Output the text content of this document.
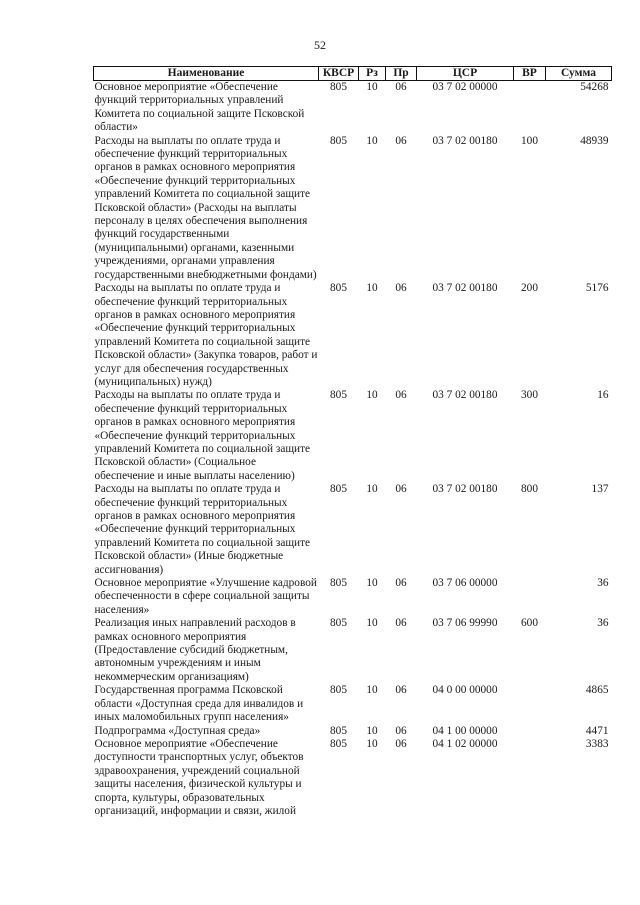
52
Наименование	КВСР	Рз	Пр	ЦСР	ВР	Сумма
Основное мероприятие «Обеспечение функций территориальных управлений Комитета по социальной защите Псковской области»	805	10	06	03 7 02 00000		54268
Расходы на выплаты по оплате труда и обеспечение функций территориальных органов в рамках основного мероприятия «Обеспечение функций территориальных управлений Комитета по социальной защите Псковской области» (Расходы на выплаты персоналу в целях обеспечения выполнения функций государственными (муниципальными) органами, казенными учреждениями, органами управления государственными внебюджетными фондами)	805	10	06	03 7 02 00180	100	48939
Расходы на выплаты по оплате труда и обеспечение функций территориальных органов в рамках основного мероприятия «Обеспечение функций территориальных управлений Комитета по социальной защите Псковской области» (Закупка товаров, работ и услуг для обеспечения государственных (муниципальных) нужд)	805	10	06	03 7 02 00180	200	5176
Расходы на выплаты по оплате труда и обеспечение функций территориальных органов в рамках основного мероприятия «Обеспечение функций территориальных управлений Комитета по социальной защите Псковской области» (Социальное обеспечение и иные выплаты населению)	805	10	06	03 7 02 00180	300	16
Расходы на выплаты по оплате труда и обеспечение функций территориальных органов в рамках основного мероприятия «Обеспечение функций территориальных управлений Комитета по социальной защите Псковской области» (Иные бюджетные ассигнования)	805	10	06	03 7 02 00180	800	137
Основное мероприятие «Улучшение кадровой обеспеченности в сфере социальной защиты населения»	805	10	06	03 7 06 00000		36
Реализация иных направлений расходов в рамках основного мероприятия (Предоставление субсидий бюджетным, автономным учреждениям и иным некоммерческим организациям)	805	10	06	03 7 06 99990	600	36
Государственная программа Псковской области «Доступная среда для инвалидов и иных маломобильных групп населения»	805	10	06	04 0 00 00000		4865
Подпрограмма «Доступная среда»	805	10	06	04 1 00 00000		4471
Основное мероприятие «Обеспечение доступности транспортных услуг, объектов здравоохранения, учреждений социальной защиты населения, физической культуры и спорта, культуры, образовательных организаций, информации и связи, жилой	805	10	06	04 1 02 00000		3383
